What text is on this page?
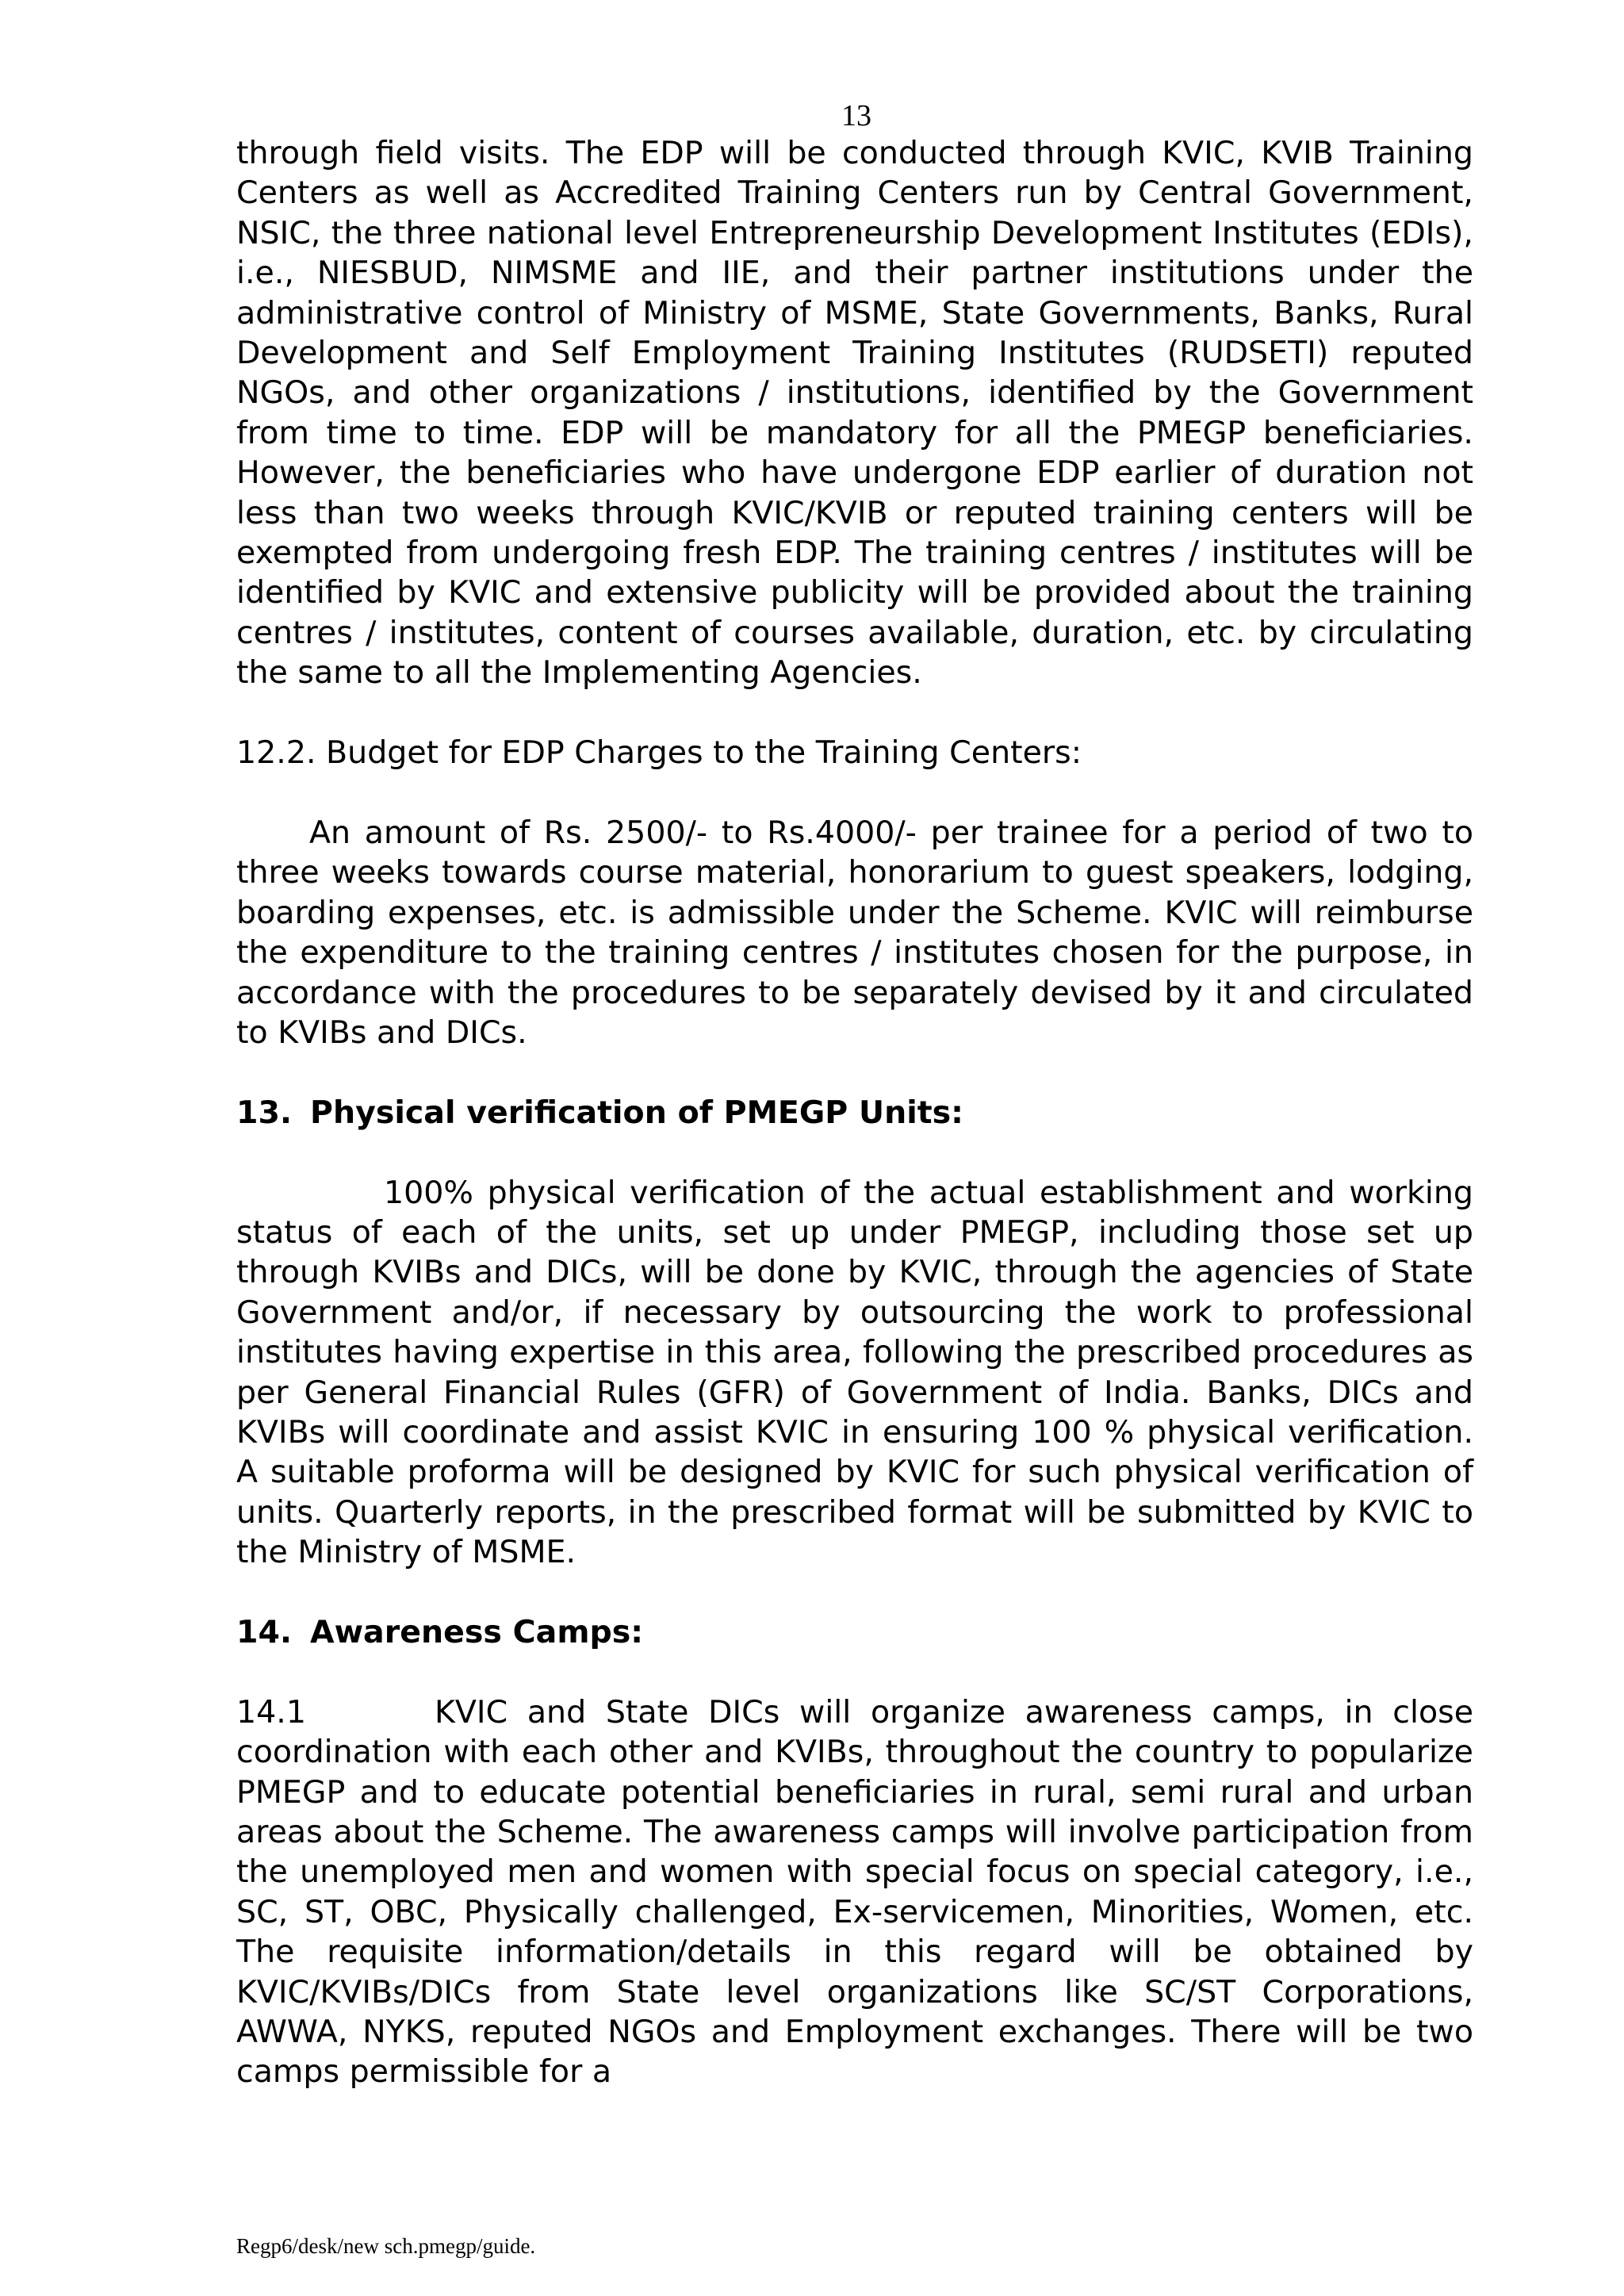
13

through field visits. The EDP will be conducted through KVIC, KVIB Training Centers as well as Accredited Training Centers run by Central Government, NSIC, the three national level Entrepreneurship Development Institutes (EDIs), i.e., NIESBUD, NIMSME and IIE, and their partner institutions under the administrative control of Ministry of MSME, State Governments, Banks, Rural Development and Self Employment Training Institutes (RUDSETI) reputed NGOs, and other organizations / institutions, identified by the Government from time to time. EDP will be mandatory for all the PMEGP beneficiaries. However, the beneficiaries who have undergone EDP earlier of duration not less than two weeks through KVIC/KVIB or reputed training centers will be exempted from undergoing fresh EDP. The training centres / institutes will be identified by KVIC and extensive publicity will be provided about the training centres / institutes, content of courses available, duration, etc. by circulating the same to all the Implementing Agencies.

12.2. Budget for EDP Charges to the Training Centers:

An amount of Rs. 2500/- to Rs.4000/- per trainee for a period of two to three weeks towards course material, honorarium to guest speakers, lodging, boarding expenses, etc. is admissible under the Scheme. KVIC will reimburse the expenditure to the training centres / institutes chosen for the purpose, in accordance with the procedures to be separately devised by it and circulated to KVIBs and DICs.

13. Physical verification of PMEGP Units:

100% physical verification of the actual establishment and working status of each of the units, set up under PMEGP, including those set up through KVIBs and DICs, will be done by KVIC, through the agencies of State Government and/or, if necessary by outsourcing the work to professional institutes having expertise in this area, following the prescribed procedures as per General Financial Rules (GFR) of Government of India. Banks, DICs and KVIBs will coordinate and assist KVIC in ensuring 100 % physical verification. A suitable proforma will be designed by KVIC for such physical verification of units. Quarterly reports, in the prescribed format will be submitted by KVIC to the Ministry of MSME.

14. Awareness Camps:

14.1	KVIC and State DICs will organize awareness camps, in close coordination with each other and KVIBs, throughout the country to popularize PMEGP and to educate potential beneficiaries in rural, semi rural and urban areas about the Scheme. The awareness camps will involve participation from the unemployed men and women with special focus on special category, i.e., SC, ST, OBC, Physically challenged, Ex-servicemen, Minorities, Women, etc. The requisite information/details in this regard will be obtained by KVIC/KVIBs/DICs from State level organizations like SC/ST Corporations, AWWA, NYKS, reputed NGOs and Employment exchanges. There will be two camps permissible for a

Regp6/desk/new sch.pmegp/guide.
